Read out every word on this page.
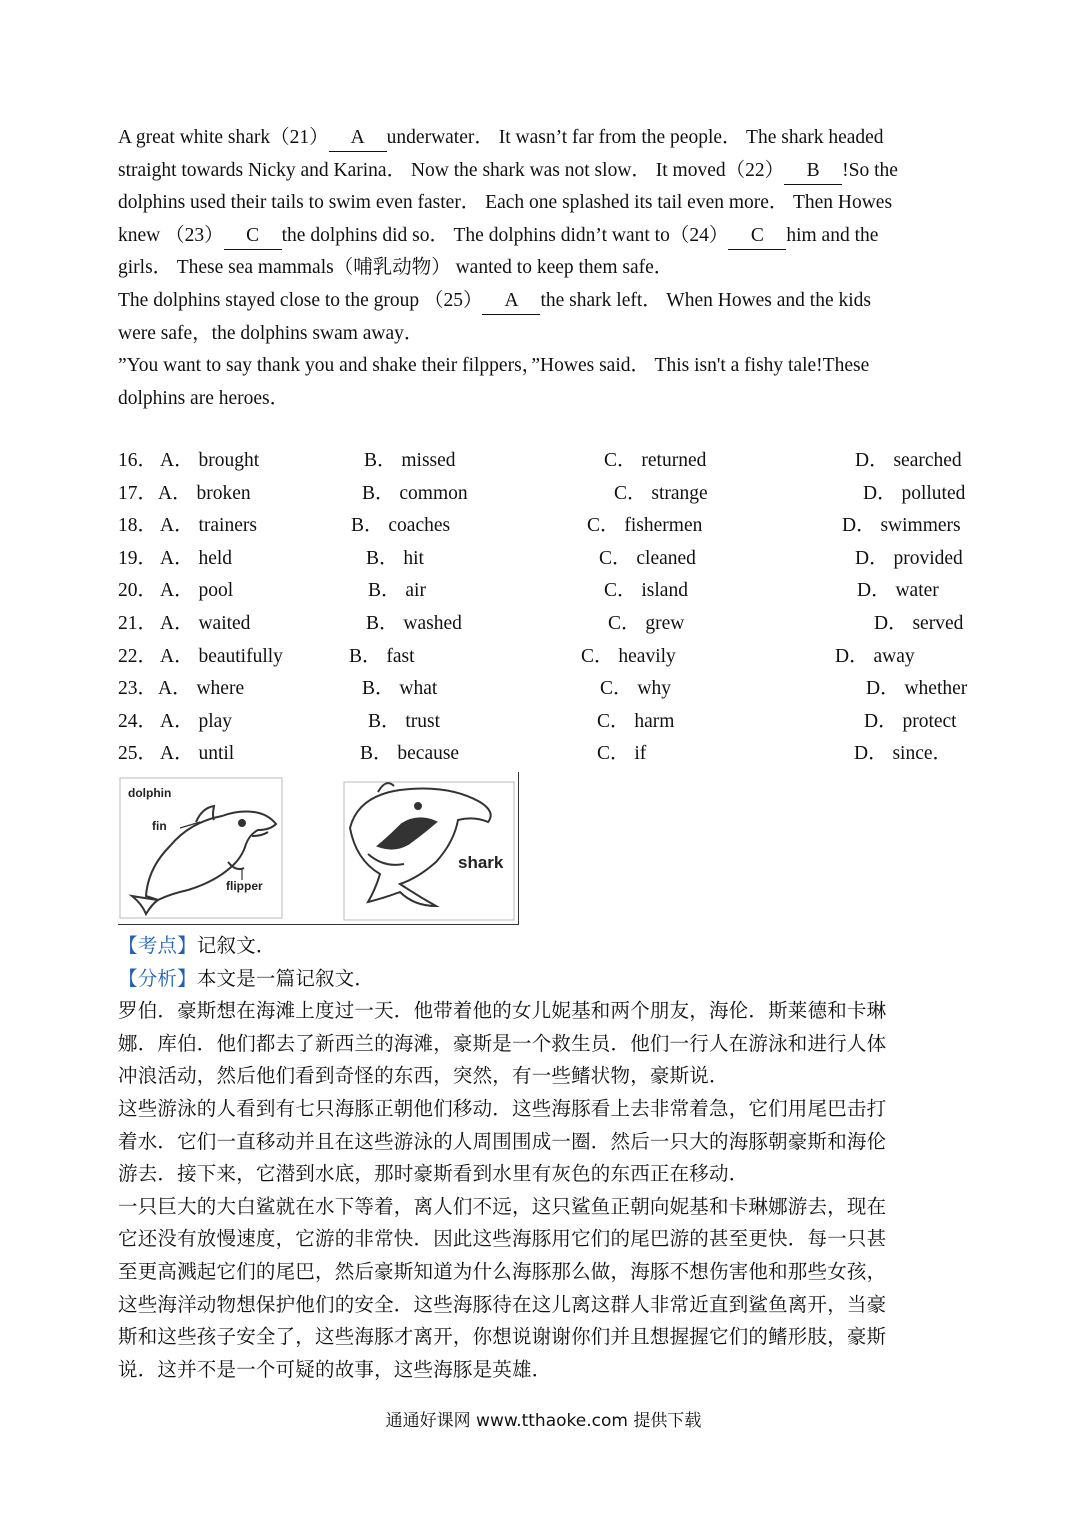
A great white shark（21） A underwater． It wasn’t far from the people． The shark headed
straight towards Nicky and Karina． Now the shark was not slow． It moved（22） B !So the
dolphins used their tails to swim even faster． Each one splashed its tail even more． Then Howes
knew （23） C the dolphins did so． The dolphins didn’t want to（24） C him and the
girls． These sea mammals（哺乳动物） wanted to keep them safe．
The dolphins stayed close to the group （25） A the shark left． When Howes and the kids
were safe，the dolphins swam away．
”You want to say thank you and shake their filppers，”Howes said． This isn't a fishy tale!These
dolphins are heroes．
16． A． brought	B． missed	C． returned	D． searched
17． A． broken	B． common	C． strange	D． polluted
18． A． trainers	B． coaches	C． fishermen	D． swimmers
19． A． held	B． hit	C． cleaned	D． provided
20． A． pool	B． air	C． island	D． water
21． A． waited	B． washed	C． grew	D． served
22． A． beautifully	B． fast	C． heavily	D． away
23． A． where	B． what	C． why	D． whether
24． A． play	B． trust	C． harm	D． protect
25． A． until	B． because	C． if	D． since．
dolphin
fin
flipper
shark
【考点】记叙文．
【分析】本文是一篇记叙文．
罗伯．豪斯想在海滩上度过一天．他带着他的女儿妮基和两个朋友，海伦．斯莱德和卡琳
娜．库伯．他们都去了新西兰的海滩，豪斯是一个救生员．他们一行人在游泳和进行人体
冲浪活动，然后他们看到奇怪的东西，突然，有一些鳍状物，豪斯说．
这些游泳的人看到有七只海豚正朝他们移动．这些海豚看上去非常着急，它们用尾巴击打
着水．它们一直移动并且在这些游泳的人周围围成一圈．然后一只大的海豚朝豪斯和海伦
游去．接下来，它潜到水底，那时豪斯看到水里有灰色的东西正在移动．
一只巨大的大白鲨就在水下等着，离人们不远，这只鲨鱼正朝向妮基和卡琳娜游去，现在
它还没有放慢速度，它游的非常快．因此这些海豚用它们的尾巴游的甚至更快．每一只甚
至更高溅起它们的尾巴，然后豪斯知道为什么海豚那么做，海豚不想伤害他和那些女孩，
这些海洋动物想保护他们的安全．这些海豚待在这儿离这群人非常近直到鲨鱼离开，当豪
斯和这些孩子安全了，这些海豚才离开，你想说谢谢你们并且想握握它们的鳍形肢，豪斯
说．这并不是一个可疑的故事，这些海豚是英雄．
通通好课网 www.tthaoke.com 提供下载
